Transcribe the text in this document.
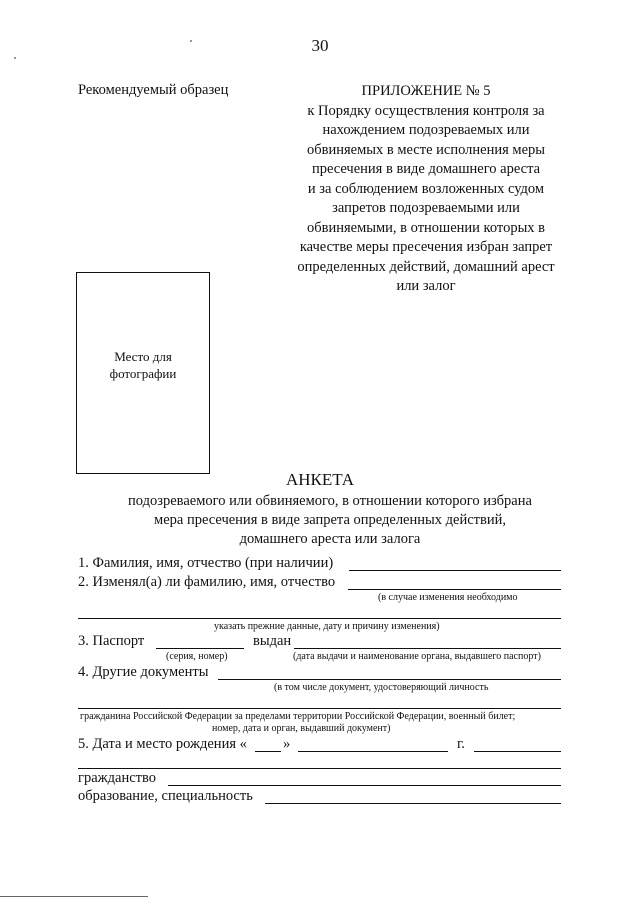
30
Рекомендуемый образец	ПРИЛОЖЕНИЕ № 5
к Порядку осуществления контроля за
нахождением подозреваемых или
обвиняемых в месте исполнения меры
пресечения в виде домашнего ареста
и за соблюдением возложенных судом
запретов подозреваемыми или
обвиняемыми, в отношении которых в
качестве меры пресечения избран запрет
определенных действий, домашний арест
или залог
Место для
фотографии
АНКЕТА
подозреваемого или обвиняемого, в отношении которого избрана
мера пресечения в виде запрета определенных действий,
домашнего ареста или залога
1. Фамилия, имя, отчество (при наличии)
2. Изменял(а) ли фамилию, имя, отчество
(в случае изменения необходимо
указать прежние данные, дату и причину изменения)
3. Паспорт	выдан
(серия, номер)	(дата выдачи и наименование органа, выдавшего паспорт)
4. Другие документы
(в том числе документ, удостоверяющий личность
гражданина Российской Федерации за пределами территории Российской Федерации, военный билет;
номер, дата и орган, выдавший документ)
5. Дата и место рождения « »	г.
гражданство
образование, специальность
